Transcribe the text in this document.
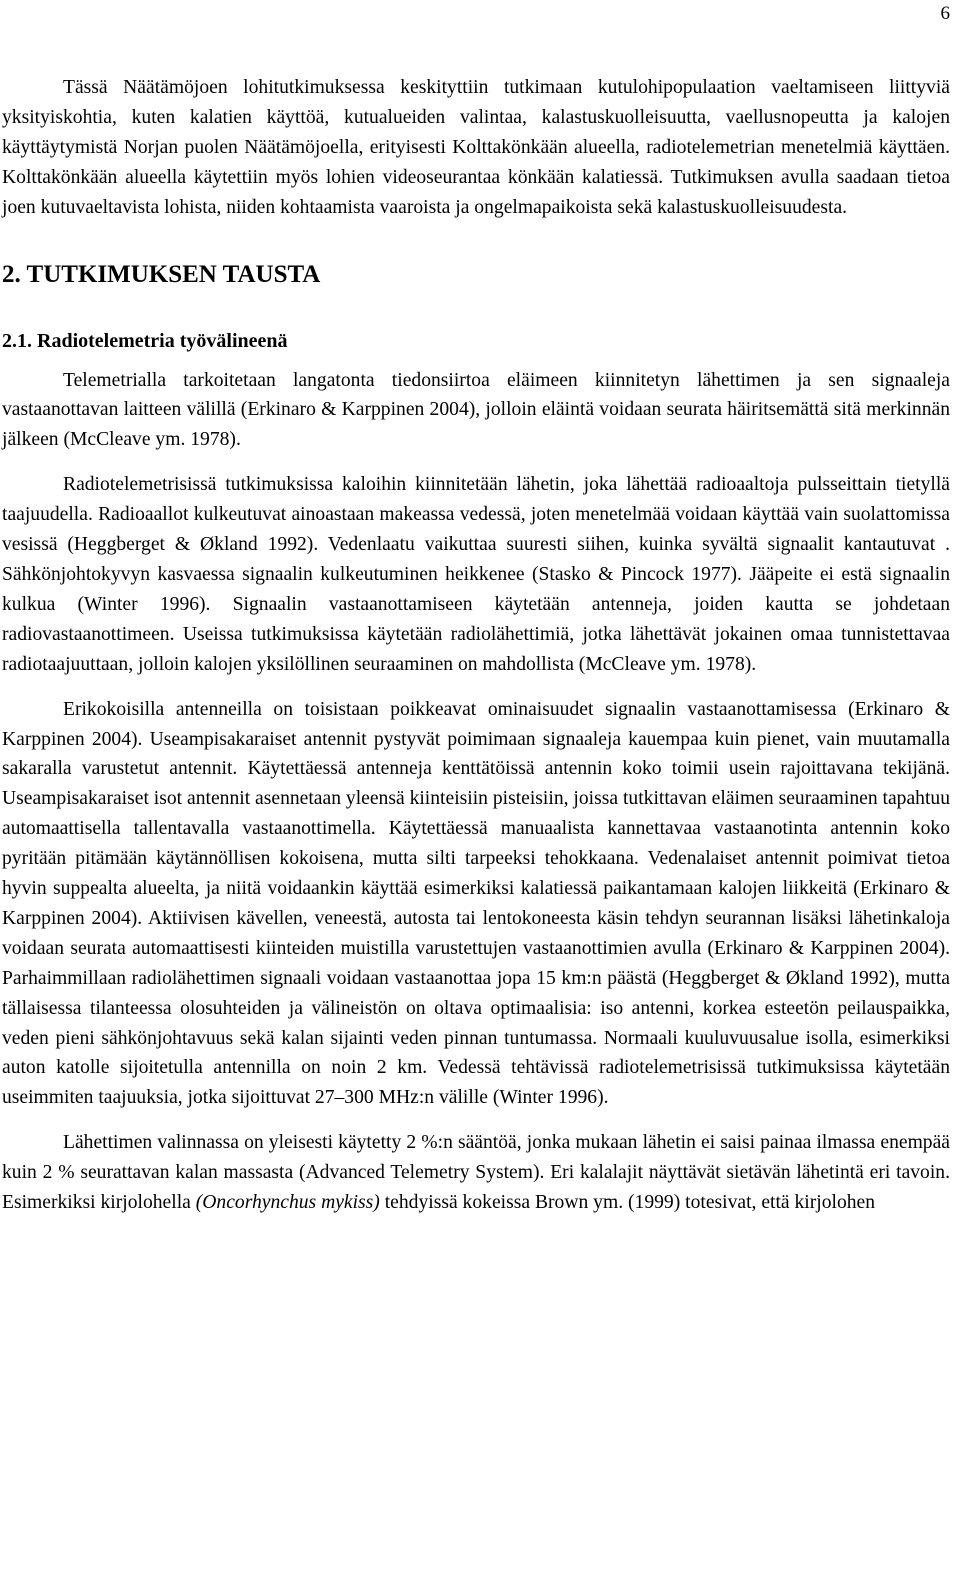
6

Tässä Näätämöjoen lohitutkimuksessa keskityttiin tutkimaan kutulohipopulaation vaeltamiseen liittyviä yksityiskohtia, kuten kalatien käyttöä, kutualueiden valintaa, kalastuskuolleisuutta, vaellusnopeutta ja kalojen käyttäytymistä Norjan puolen Näätämöjoella, erityisesti Kolttakönkään alueella, radiotelemetrian menetelmiä käyttäen. Kolttakönkään alueella käytettiin myös lohien videoseurantaa könkään kalatiessä. Tutkimuksen avulla saadaan tietoa joen kutuvaeltavista lohista, niiden kohtaamista vaaroista ja ongelmapaikoista sekä kalastuskuolleisuudesta.

2. TUTKIMUKSEN TAUSTA
2.1. Radiotelemetria työvälineenä

Telemetrialla tarkoitetaan langatonta tiedonsiirtoa eläimeen kiinnitetyn lähettimen ja sen signaaleja vastaanottavan laitteen välillä (Erkinaro & Karppinen 2004), jolloin eläintä voidaan seurata häiritsemättä sitä merkinnän jälkeen (McCleave ym. 1978).

Radiotelemetrisissä tutkimuksissa kaloihin kiinnitetään lähetin, joka lähettää radioaaltoja pulsseittain tietyllä taajuudella. Radioaallot kulkeutuvat ainoastaan makeassa vedessä, joten menetelmää voidaan käyttää vain suolattomissa vesissä (Heggberget & Økland 1992). Vedenlaatu vaikuttaa suuresti siihen, kuinka syvältä signaalit kantautuvat . Sähkönjohtokyvyn kasvaessa signaalin kulkeutuminen heikkenee (Stasko & Pincock 1977). Jääpeite ei estä signaalin kulkua (Winter 1996). Signaalin vastaanottamiseen käytetään antenneja, joiden kautta se johdetaan radiovastaanottimeen. Useissa tutkimuksissa käytetään radiolähettimiä, jotka lähettävät jokainen omaa tunnistettavaa radiotaajuuttaan, jolloin kalojen yksilöllinen seuraaminen on mahdollista (McCleave ym. 1978).

Erikokoisilla antenneilla on toisistaan poikkeavat ominaisuudet signaalin vastaanottamisessa (Erkinaro & Karppinen 2004). Useampisakaraiset antennit pystyvät poimimaan signaaleja kauempaa kuin pienet, vain muutamalla sakaralla varustetut antennit. Käytettäessä antenneja kenttätöissä antennin koko toimii usein rajoittavana tekijänä. Useampisakaraiset isot antennit asennetaan yleensä kiinteisiin pisteisiin, joissa tutkittavan eläimen seuraaminen tapahtuu automaattisella tallentavalla vastaanottimella. Käytettäessä manuaalista kannettavaa vastaanotinta antennin koko pyritään pitämään käytännöllisen kokoisena, mutta silti tarpeeksi tehokkaana. Vedenalaiset antennit poimivat tietoa hyvin suppealta alueelta, ja niitä voidaankin käyttää esimerkiksi kalatiessä paikantamaan kalojen liikkeitä (Erkinaro & Karppinen 2004). Aktiivisen kävellen, veneestä, autosta tai lentokoneesta käsin tehdyn seurannan lisäksi lähetinkaloja voidaan seurata automaattisesti kiinteiden muistilla varustettujen vastaanottimien avulla (Erkinaro & Karppinen 2004). Parhaimmillaan radiolähettimen signaali voidaan vastaanottaa jopa 15 km:n päästä (Heggberget & Økland 1992), mutta tällaisessa tilanteessa olosuhteiden ja välineistön on oltava optimaalisia: iso antenni, korkea esteetön peilauspaikka, veden pieni sähkönjohtavuus sekä kalan sijainti veden pinnan tuntumassa. Normaali kuuluvuusalue isolla, esimerkiksi auton katolle sijoitetulla antennilla on noin 2 km. Vedessä tehtävissä radiotelemetrisissä tutkimuksissa käytetään useimmiten taajuuksia, jotka sijoittuvat 27–300 MHz:n välille (Winter 1996).

Lähettimen valinnassa on yleisesti käytetty 2 %:n sääntöä, jonka mukaan lähetin ei saisi painaa ilmassa enempää kuin 2 % seurattavan kalan massasta (Advanced Telemetry System). Eri kalalajit näyttävät sietävän lähetintä eri tavoin. Esimerkiksi kirjolohella (Oncorhynchus mykiss) tehdyissä kokeissa Brown ym. (1999) totesivat, että kirjolohen
